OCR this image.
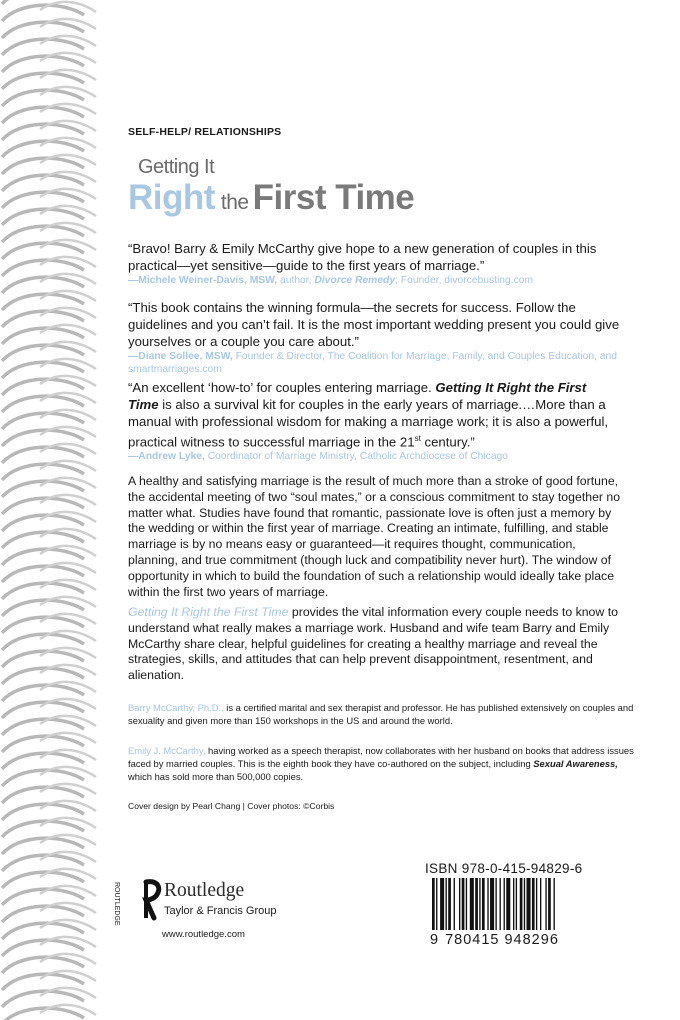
SELF-HELP/ RELATIONSHIPS
Getting It
Right the First Time
“Bravo! Barry & Emily McCarthy give hope to a new generation of couples in this practical—yet sensitive—guide to the first years of marriage.”
—Michele Weiner-Davis, MSW, author, Divorce Remedy; Founder, divorcebusting.com
“This book contains the winning formula—the secrets for success. Follow the guidelines and you can’t fail. It is the most important wedding present you could give yourselves or a couple you care about.”
—Diane Sollee, MSW, Founder & Director, The Coalition for Marriage, Family, and Couples Education, and smartmarriages.com
“An excellent ‘how-to’ for couples entering marriage. Getting It Right the First Time is also a survival kit for couples in the early years of marriage.…More than a manual with professional wisdom for making a marriage work; it is also a powerful, practical witness to successful marriage in the 21st century.”
—Andrew Lyke, Coordinator of Marriage Ministry, Catholic Archdiocese of Chicago
A healthy and satisfying marriage is the result of much more than a stroke of good fortune, the accidental meeting of two “soul mates,” or a conscious commitment to stay together no matter what. Studies have found that romantic, passionate love is often just a memory by the wedding or within the first year of marriage. Creating an intimate, fulfilling, and stable marriage is by no means easy or guaranteed—it requires thought, communication, planning, and true commitment (though luck and compatibility never hurt). The window of opportunity in which to build the foundation of such a relationship would ideally take place within the first two years of marriage.
Getting It Right the First Time provides the vital information every couple needs to know to understand what really makes a marriage work. Husband and wife team Barry and Emily McCarthy share clear, helpful guidelines for creating a healthy marriage and reveal the strategies, skills, and attitudes that can help prevent disappointment, resentment, and alienation.
Barry McCarthy, Ph.D., is a certified marital and sex therapist and professor. He has published extensively on couples and sexuality and given more than 150 workshops in the US and around the world.
Emily J. McCarthy, having worked as a speech therapist, now collaborates with her husband on books that address issues faced by married couples. This is the eighth book they have co-authored on the subject, including Sexual Awareness, which has sold more than 500,000 copies.
Cover design by Pearl Chang | Cover photos: ©Corbis
ROUTLEDGE Routledge
Taylor & Francis Group
www.routledge.com
ISBN 978-0-415-94829-6
9 780415 948296
